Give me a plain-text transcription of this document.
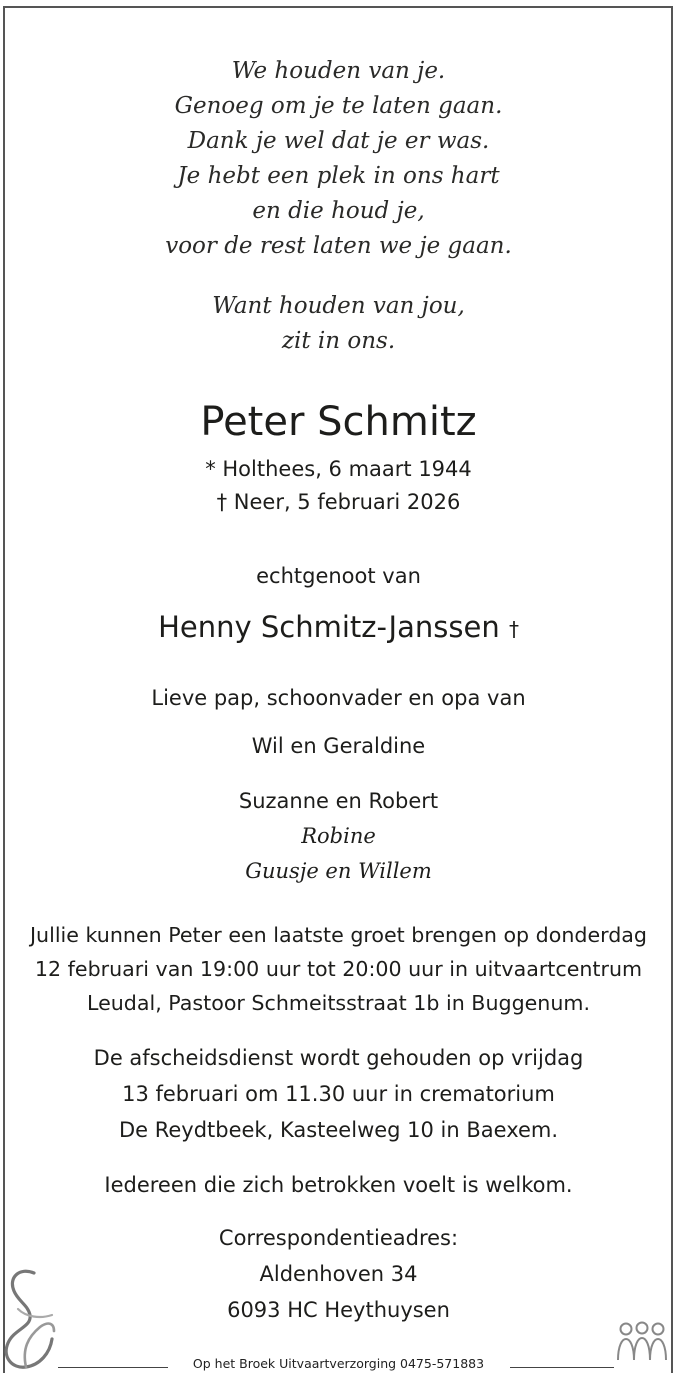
We houden van je.
Genoeg om je te laten gaan.
Dank je wel dat je er was.
Je hebt een plek in ons hart
en die houd je,
voor de rest laten we je gaan.
Want houden van jou,
zit in ons.
Peter Schmitz
* Holthees, 6 maart 1944
† Neer, 5 februari 2026
echtgenoot van
Henny Schmitz-Janssen †
Lieve pap, schoonvader en opa van
Wil en Geraldine
Suzanne en Robert
Robine
Guusje en Willem
Jullie kunnen Peter een laatste groet brengen op donderdag
12 februari van 19:00 uur tot 20:00 uur in uitvaartcentrum
Leudal, Pastoor Schmeitsstraat 1b in Buggenum.
De afscheidsdienst wordt gehouden op vrijdag
13 februari om 11.30 uur in crematorium
De Reydtbeek, Kasteelweg 10 in Baexem.
Iedereen die zich betrokken voelt is welkom.
Correspondentieadres:
Aldenhoven 34
6093 HC Heythuysen
Op het Broek Uitvaartverzorging 0475-571883
